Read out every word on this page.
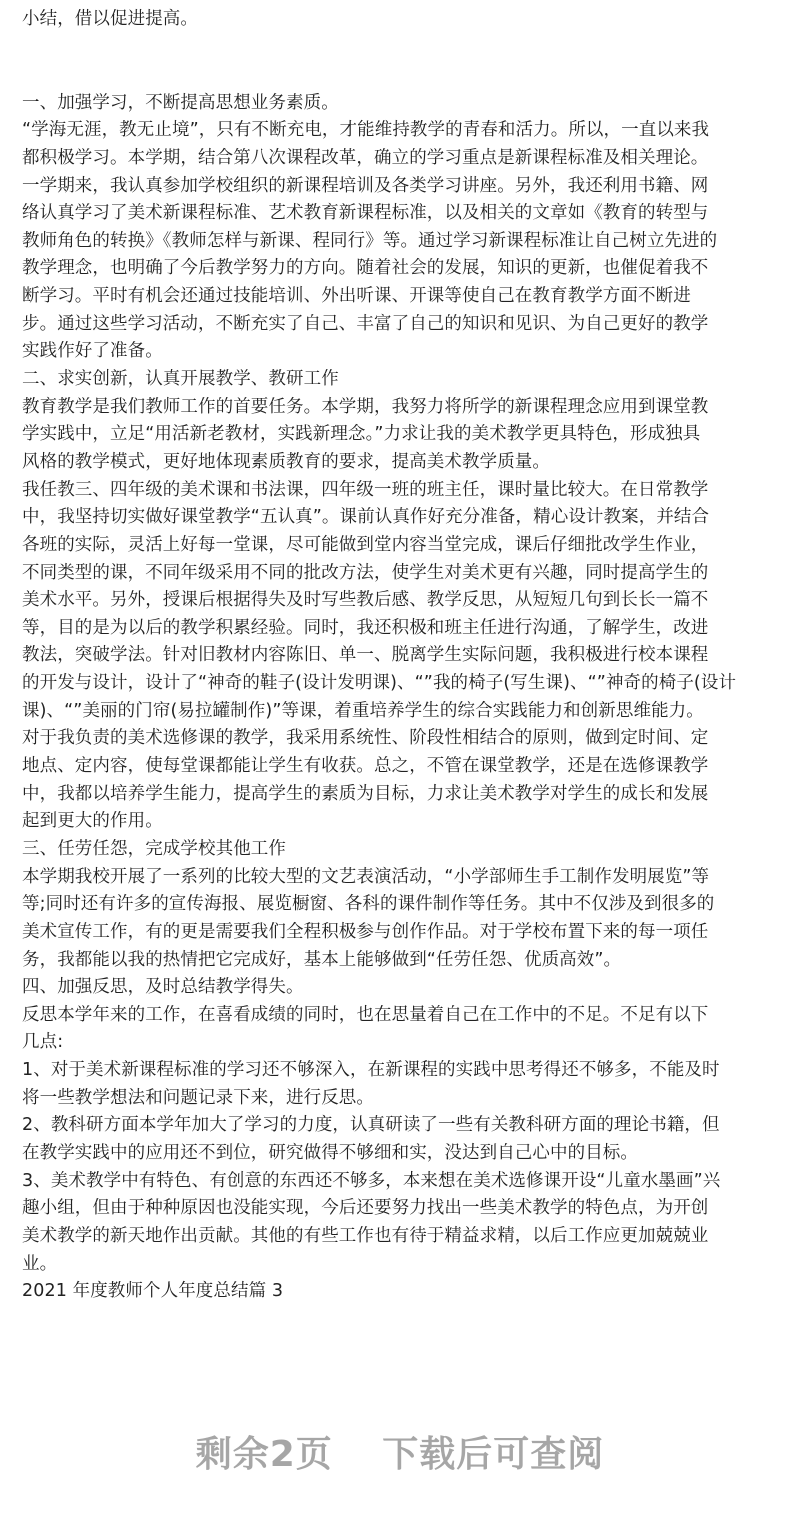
小结，借以促进提高。
一、加强学习，不断提高思想业务素质。
“学海无涯，教无止境”，只有不断充电，才能维持教学的青春和活力。所以，一直以来我
都积极学习。本学期，结合第八次课程改革，确立的学习重点是新课程标准及相关理论。
一学期来，我认真参加学校组织的新课程培训及各类学习讲座。另外，我还利用书籍、网
络认真学习了美术新课程标准、艺术教育新课程标准，以及相关的文章如《教育的转型与
教师角色的转换》《教师怎样与新课、程同行》等。通过学习新课程标准让自己树立先进的
教学理念，也明确了今后教学努力的方向。随着社会的发展，知识的更新，也催促着我不
断学习。平时有机会还通过技能培训、外出听课、开课等使自己在教育教学方面不断进
步。通过这些学习活动，不断充实了自己、丰富了自己的知识和见识、为自己更好的教学
实践作好了准备。
二、求实创新，认真开展教学、教研工作
教育教学是我们教师工作的首要任务。本学期，我努力将所学的新课程理念应用到课堂教
学实践中，立足“用活新老教材，实践新理念。”力求让我的美术教学更具特色，形成独具
风格的教学模式，更好地体现素质教育的要求，提高美术教学质量。
我任教三、四年级的美术课和书法课，四年级一班的班主任，课时量比较大。在日常教学
中，我坚持切实做好课堂教学“五认真”。课前认真作好充分准备，精心设计教案，并结合
各班的实际，灵活上好每一堂课，尽可能做到堂内容当堂完成，课后仔细批改学生作业，
不同类型的课，不同年级采用不同的批改方法，使学生对美术更有兴趣，同时提高学生的
美术水平。另外，授课后根据得失及时写些教后感、教学反思，从短短几句到长长一篇不
等，目的是为以后的教学积累经验。同时，我还积极和班主任进行沟通，了解学生，改进
教法，突破学法。针对旧教材内容陈旧、单一、脱离学生实际问题，我积极进行校本课程
的开发与设计，设计了“神奇的鞋子(设计发明课)、“”我的椅子(写生课)、“”神奇的椅子(设计
课)、“”美丽的门帘(易拉罐制作)”等课，着重培养学生的综合实践能力和创新思维能力。
对于我负责的美术选修课的教学，我采用系统性、阶段性相结合的原则，做到定时间、定
地点、定内容，使每堂课都能让学生有收获。总之，不管在课堂教学，还是在选修课教学
中，我都以培养学生能力，提高学生的素质为目标，力求让美术教学对学生的成长和发展
起到更大的作用。
三、任劳任怨，完成学校其他工作
本学期我校开展了一系列的比较大型的文艺表演活动，“小学部师生手工制作发明展览”等
等;同时还有许多的宣传海报、展览橱窗、各科的课件制作等任务。其中不仅涉及到很多的
美术宣传工作，有的更是需要我们全程积极参与创作作品。对于学校布置下来的每一项任
务，我都能以我的热情把它完成好，基本上能够做到“任劳任怨、优质高效”。
四、加强反思，及时总结教学得失。
反思本学年来的工作，在喜看成绩的同时，也在思量着自己在工作中的不足。不足有以下
几点:
1、对于美术新课程标准的学习还不够深入，在新课程的实践中思考得还不够多，不能及时
将一些教学想法和问题记录下来，进行反思。
2、教科研方面本学年加大了学习的力度，认真研读了一些有关教科研方面的理论书籍，但
在教学实践中的应用还不到位，研究做得不够细和实，没达到自己心中的目标。
3、美术教学中有特色、有创意的东西还不够多，本来想在美术选修课开设“儿童水墨画”兴
趣小组，但由于种种原因也没能实现，今后还要努力找出一些美术教学的特色点，为开创
美术教学的新天地作出贡献。其他的有些工作也有待于精益求精，以后工作应更加兢兢业
业。
2021 年度教师个人年度总结篇 3
剩余2页 下载后可查阅
